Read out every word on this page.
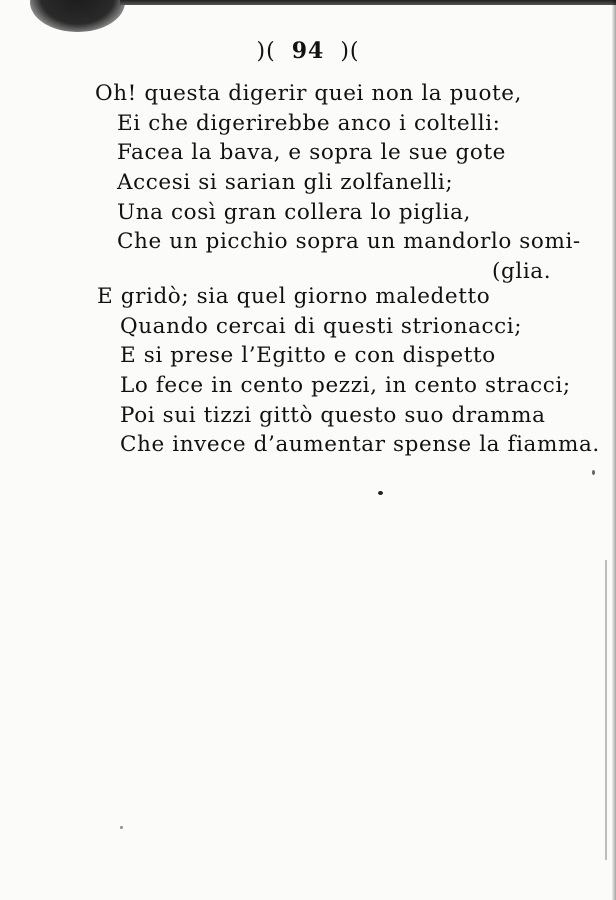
)( 94 )(
Oh! questa digerir quei non la puote,
Ei che digerirebbe anco i coltelli:
Facea la bava, e sopra le sue gote
Accesi si sarian gli zolfanelli;
Una così gran collera lo piglia,
Che un picchio sopra un mandorlo somi-
(glia.
E gridò; sia quel giorno maledetto
Quando cercai di questi strionacci;
E si prese l’Egitto e con dispetto
Lo fece in cento pezzi, in cento stracci;
Poi sui tizzi gittò questo suo dramma
Che invece d’aumentar spense la fiamma.
